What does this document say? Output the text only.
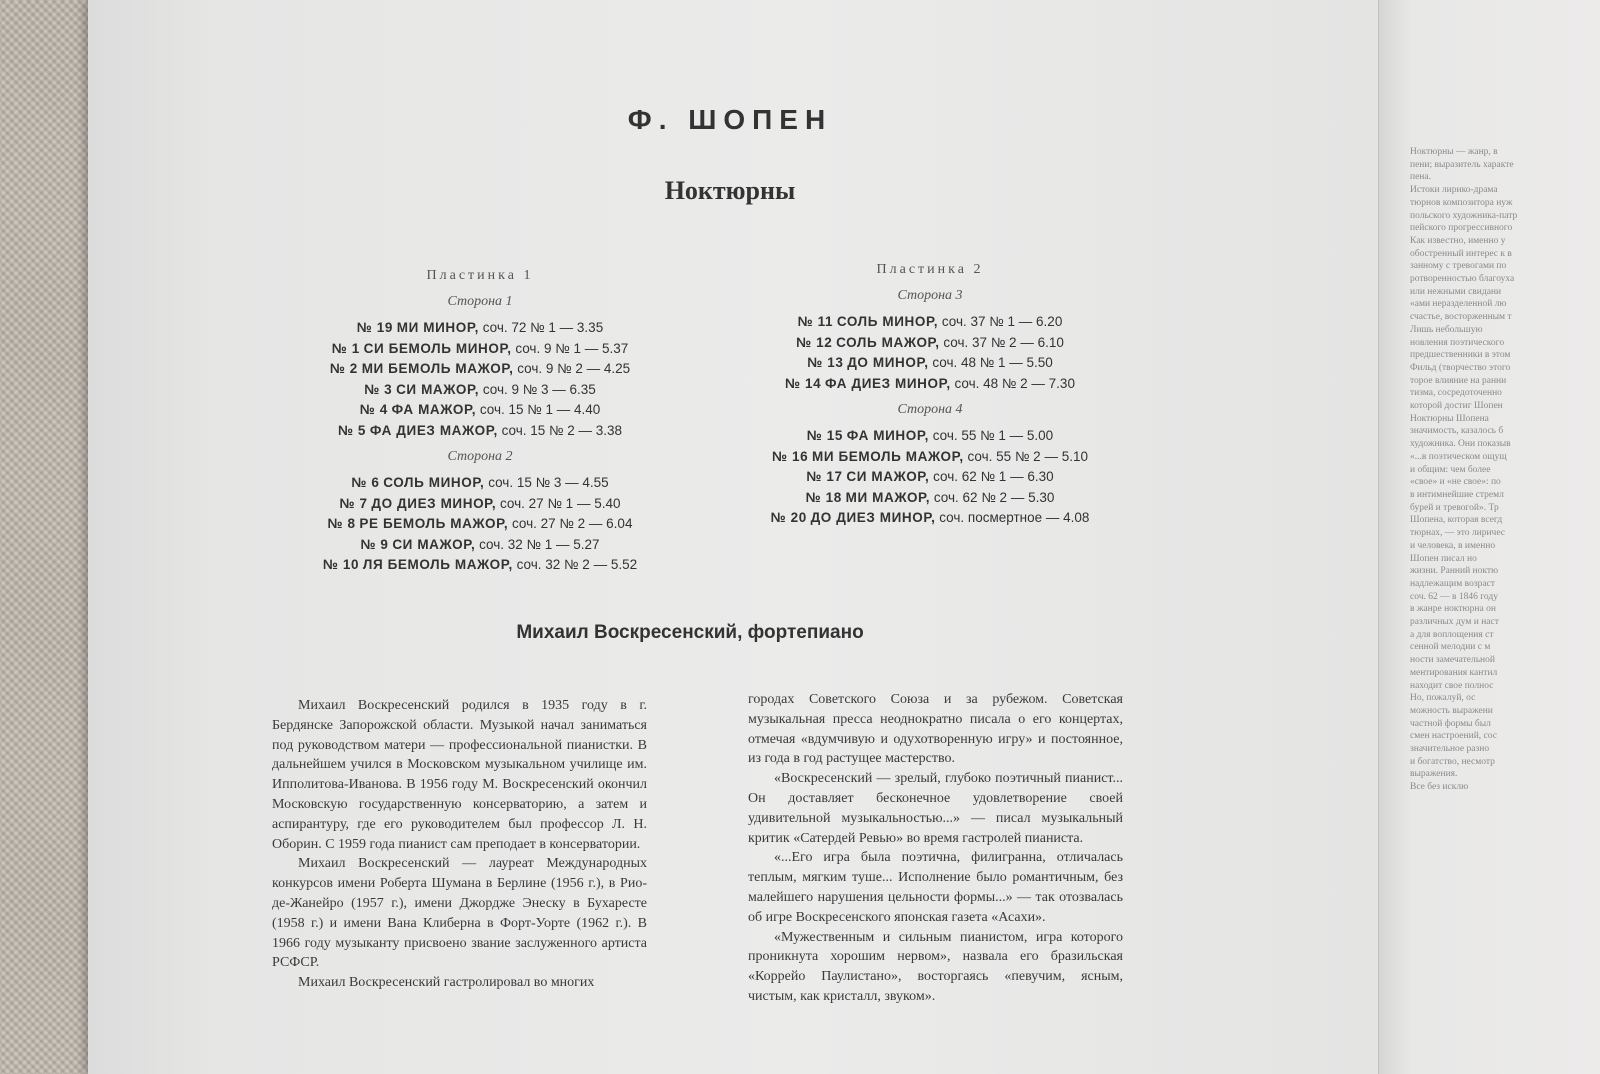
Ф. ШОПЕН
Ноктюрны
Пластинка 1
Сторона 1
№ 19 МИ МИНОР, соч. 72 № 1 — 3.35
№ 1 СИ БЕМОЛЬ МИНОР, соч. 9 № 1 — 5.37
№ 2 МИ БЕМОЛЬ МАЖОР, соч. 9 № 2 — 4.25
№ 3 СИ МАЖОР, соч. 9 № 3 — 6.35
№ 4 ФА МАЖОР, соч. 15 № 1 — 4.40
№ 5 ФА ДИЕЗ МАЖОР, соч. 15 № 2 — 3.38
Сторона 2
№ 6 СОЛЬ МИНОР, соч. 15 № 3 — 4.55
№ 7 ДО ДИЕЗ МИНОР, соч. 27 № 1 — 5.40
№ 8 РЕ БЕМОЛЬ МАЖОР, соч. 27 № 2 — 6.04
№ 9 СИ МАЖОР, соч. 32 № 1 — 5.27
№ 10 ЛЯ БЕМОЛЬ МАЖОР, соч. 32 № 2 — 5.52
Пластинка 2
Сторона 3
№ 11 СОЛЬ МИНОР, соч. 37 № 1 — 6.20
№ 12 СОЛЬ МАЖОР, соч. 37 № 2 — 6.10
№ 13 ДО МИНОР, соч. 48 № 1 — 5.50
№ 14 ФА ДИЕЗ МИНОР, соч. 48 № 2 — 7.30
Сторона 4
№ 15 ФА МИНОР, соч. 55 № 1 — 5.00
№ 16 МИ БЕМОЛЬ МАЖОР, соч. 55 № 2 — 5.10
№ 17 СИ МАЖОР, соч. 62 № 1 — 6.30
№ 18 МИ МАЖОР, соч. 62 № 2 — 5.30
№ 20 ДО ДИЕЗ МИНОР, соч. посмертное — 4.08
Михаил Воскресенский, фортепиано

Михаил Воскресенский родился в 1935 году в г. Бердянске Запорожской области. Музыкой начал заниматься под руководством матери — профессиональной пианистки. В дальнейшем учился в Московском музыкальном училище им. Ипполитова-Иванова. В 1956 году М. Воскресенский окончил Московскую государственную консерваторию, а затем и аспирантуру, где его руководителем был профессор Л. Н. Оборин. С 1959 года пианист сам преподает в консерватории.

Михаил Воскресенский — лауреат Международных конкурсов имени Роберта Шумана в Берлине (1956 г.), в Рио-де-Жанейро (1957 г.), имени Джордже Энеску в Бухаресте (1958 г.) и имени Вана Клиберна в Форт-Уорте (1962 г.). В 1966 году музыканту присвоено звание заслуженного артиста РСФСР.

Михаил Воскресенский гастролировал во многих

городах Советского Союза и за рубежом. Советская музыкальная пресса неоднократно писала о его концертах, отмечая «вдумчивую и одухотворенную игру» и постоянное, из года в год растущее мастерство.

«Воскресенский — зрелый, глубоко поэтичный пианист... Он доставляет бесконечное удовлетворение своей удивительной музыкальностью...» — писал музыкальный критик «Сатердей Ревью» во время гастролей пианиста.

«...Его игра была поэтична, филигранна, отличалась теплым, мягким туше... Исполнение было романтичным, без малейшего нарушения цельности формы...» — так отозвалась об игре Воскресенского японская газета «Асахи».

«Мужественным и сильным пианистом, игра которого проникнута хорошим нервом», назвала его бразильская «Коррейо Паулистано», восторгаясь «певучим, ясным, чистым, как кристалл, звуком».

Ноктюрны — жанр, в

пени; выразитель характе

пена.

Истоки лирико-драма

тюрнов композитора нуж

польского художника-патр

пейского прогрессивного

Как известно, именно у

обостренный интерес к в

занному с тревогами по

ротворенностью благоуха

или нежными свидани

«ами неразделенной лю

счастье, восторженным т

Лишь небольшую

новления поэтического

предшественники в этом

Фильд (творчество этого

торое влияние на ранни

тизма, сосредоточенно

которой достиг Шопен

Ноктюрны Шопена

значимость, казалось б

художника. Они показыв

«...в поэтическом ощущ

и общим: чем более

«свое» и «не свое»: по

в интимнейшие стремл

бурей и тревогой». Тр

Шопена, которая всегд

тюрнах, — это лиричес

и человека, в именно

Шопен писал но

жизни. Ранний ноктю

надлежащим возраст

соч. 62 — в 1846 году

в жанре ноктюрна он

различных дум и наст

а для воплощения ст

сенной мелодии с м

ности замечательной

ментирования кантил

находит свое полнос

Но, пожалуй, ос

можность выражени

частной формы был

смен настроений, сос

значительное разно

и богатство, несмотр

выражения.

Все без исклю
